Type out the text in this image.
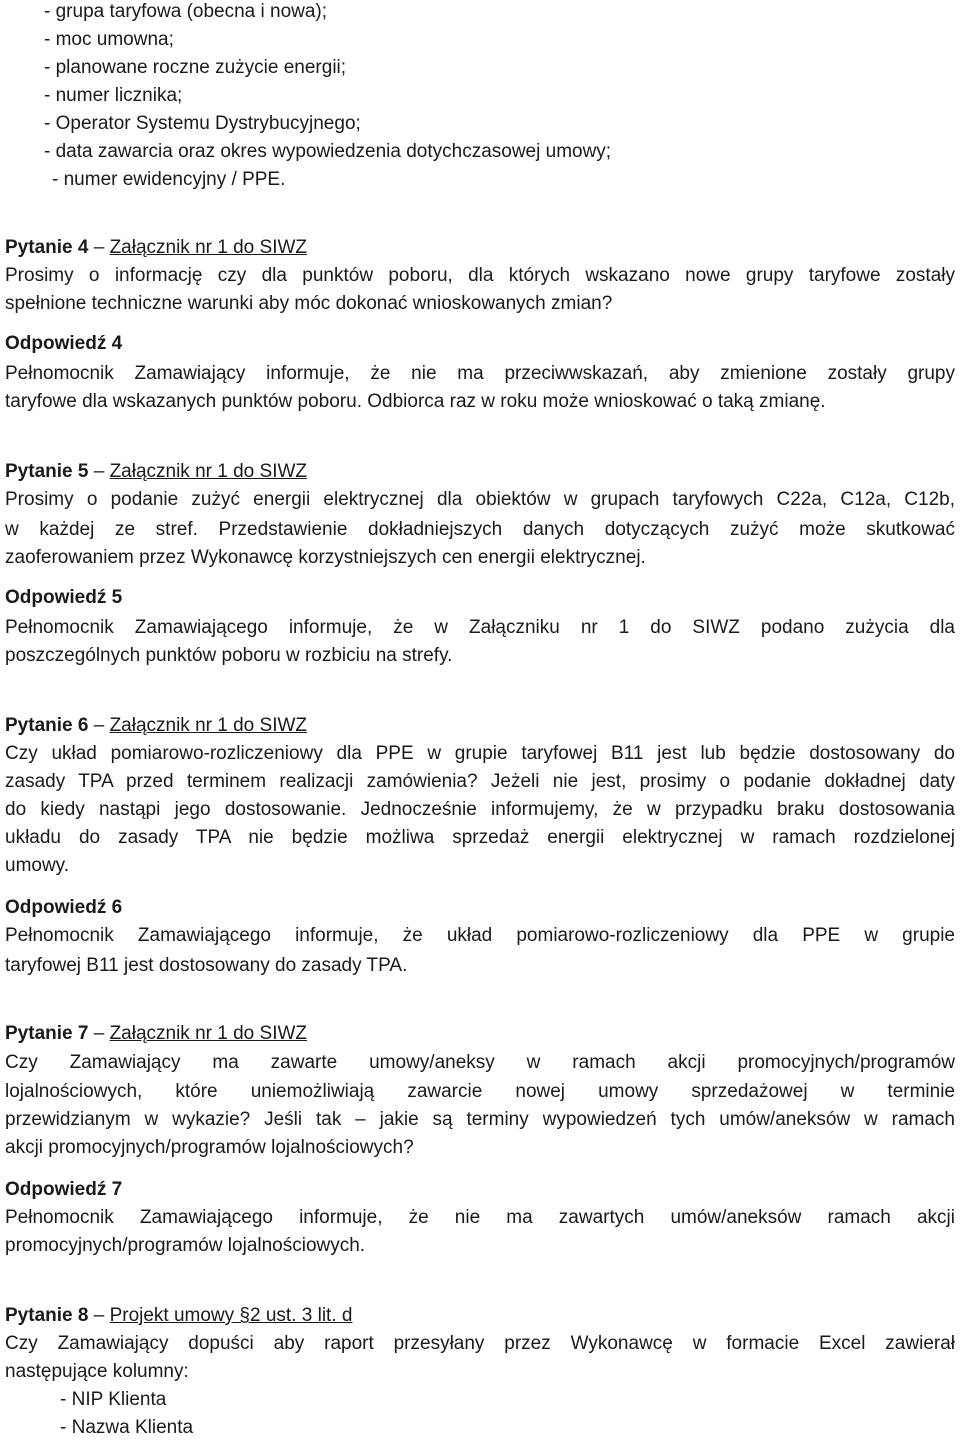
- grupa taryfowa (obecna i nowa);
- moc umowna;
- planowane roczne zużycie energii;
- numer licznika;
- Operator Systemu Dystrybucyjnego;
- data zawarcia oraz okres wypowiedzenia dotychczasowej umowy;
- numer ewidencyjny / PPE.
Pytanie 4 – Załącznik nr 1 do SIWZ
Prosimy o informację czy dla punktów poboru, dla których wskazano nowe grupy taryfowe zostały
spełnione techniczne warunki aby móc dokonać wnioskowanych zmian?
Odpowiedź 4
Pełnomocnik Zamawiający informuje, że nie ma przeciwwskazań, aby zmienione zostały grupy
taryfowe dla wskazanych punktów poboru. Odbiorca raz w roku może wnioskować o taką zmianę.
Pytanie 5 – Załącznik nr 1 do SIWZ
Prosimy o podanie zużyć energii elektrycznej dla obiektów w grupach taryfowych C22a, C12a, C12b,
w każdej ze stref. Przedstawienie dokładniejszych danych dotyczących zużyć może skutkować
zaoferowaniem przez Wykonawcę korzystniejszych cen energii elektrycznej.
Odpowiedź 5
Pełnomocnik Zamawiającego informuje, że w Załączniku nr 1 do SIWZ podano zużycia dla
poszczególnych punktów poboru w rozbiciu na strefy.
Pytanie 6 – Załącznik nr 1 do SIWZ
Czy układ pomiarowo-rozliczeniowy dla PPE w grupie taryfowej B11 jest lub będzie dostosowany do
zasady TPA przed terminem realizacji zamówienia? Jeżeli nie jest, prosimy o podanie dokładnej daty
do kiedy nastąpi jego dostosowanie. Jednocześnie informujemy, że w przypadku braku dostosowania
układu do zasady TPA nie będzie możliwa sprzedaż energii elektrycznej w ramach rozdzielonej
umowy.
Odpowiedź 6
Pełnomocnik Zamawiającego informuje, że układ pomiarowo-rozliczeniowy dla PPE w grupie
taryfowej B11 jest dostosowany do zasady TPA.
Pytanie 7 – Załącznik nr 1 do SIWZ
Czy Zamawiający ma zawarte umowy/aneksy w ramach akcji promocyjnych/programów
lojalnościowych, które uniemożliwiają zawarcie nowej umowy sprzedażowej w terminie
przewidzianym w wykazie? Jeśli tak – jakie są terminy wypowiedzeń tych umów/aneksów w ramach
akcji promocyjnych/programów lojalnościowych?
Odpowiedź 7
Pełnomocnik Zamawiającego informuje, że nie ma zawartych umów/aneksów ramach akcji
promocyjnych/programów lojalnościowych.
Pytanie 8 – Projekt umowy §2 ust. 3 lit. d
Czy Zamawiający dopuści aby raport przesyłany przez Wykonawcę w formacie Excel zawierał
następujące kolumny:
- NIP Klienta
- Nazwa Klienta
